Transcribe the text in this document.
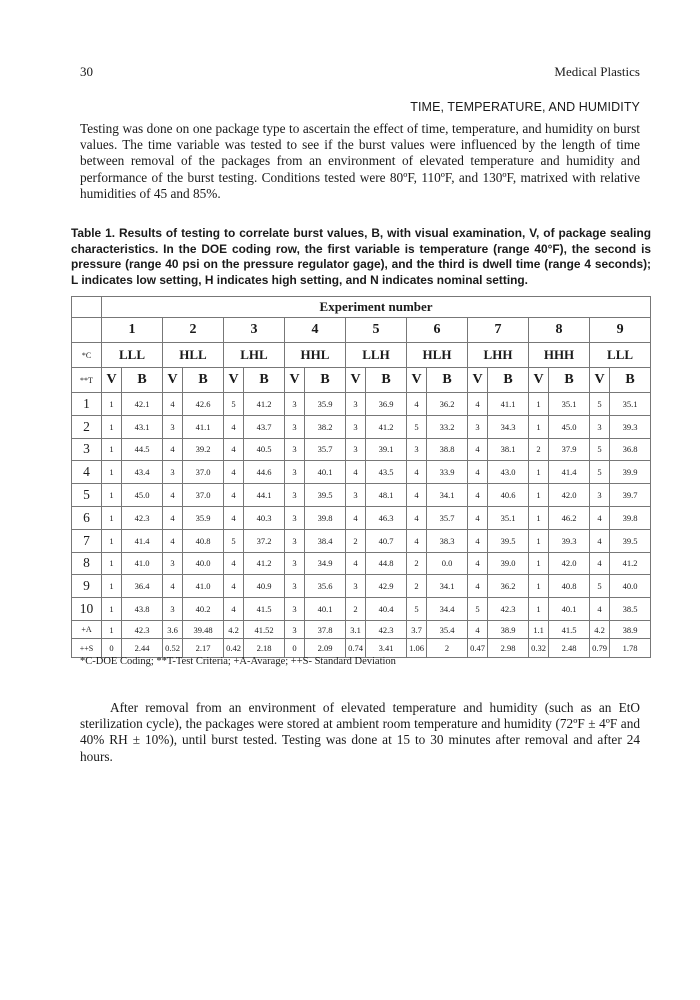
30	Medical Plastics
TIME, TEMPERATURE, AND HUMIDITY

Testing was done on one package type to ascertain the effect of time, temperature, and humidity on burst values. The time variable was tested to see if the burst values were influenced by the length of time between removal of the packages from an environment of elevated temperature and humidity and performance of the burst testing. Conditions tested were 80ºF, 110ºF, and 130ºF, matrixed with relative humidities of 45 and 85%.

Table 1. Results of testing to correlate burst values, B, with visual examination, V, of package sealing characteristics. In the DOE coding row, the first variable is temperature (range 40°F), the second is pressure (range 40 psi on the pressure regulator gage), and the third is dwell time (range 4 seconds); L indicates low setting, H indicates high setting, and N indicates nominal setting.

	Experiment number																	
	1		2		3		4		5		6		7		8		9	
*C	LLL		HLL		LHL		HHL		LLH		HLH		LHH		HHH		LLL	
**T	V	B	V	B	V	B	V	B	V	B	V	B	V	B	V	B	V	B
1	1	42.1	4	42.6	5	41.2	3	35.9	3	36.9	4	36.2	4	41.1	1	35.1	5	35.1
2	1	43.1	3	41.1	4	43.7	3	38.2	3	41.2	5	33.2	3	34.3	1	45.0	3	39.3
3	1	44.5	4	39.2	4	40.5	3	35.7	3	39.1	3	38.8	4	38.1	2	37.9	5	36.8
4	1	43.4	3	37.0	4	44.6	3	40.1	4	43.5	4	33.9	4	43.0	1	41.4	5	39.9
5	1	45.0	4	37.0	4	44.1	3	39.5	3	48.1	4	34.1	4	40.6	1	42.0	3	39.7
6	1	42.3	4	35.9	4	40.3	3	39.8	4	46.3	4	35.7	4	35.1	1	46.2	4	39.8
7	1	41.4	4	40.8	5	37.2	3	38.4	2	40.7	4	38.3	4	39.5	1	39.3	4	39.5
8	1	41.0	3	40.0	4	41.2	3	34.9	4	44.8	2	0.0	4	39.0	1	42.0	4	41.2
9	1	36.4	4	41.0	4	40.9	3	35.6	3	42.9	2	34.1	4	36.2	1	40.8	5	40.0
10	1	43.8	3	40.2	4	41.5	3	40.1	2	40.4	5	34.4	5	42.3	1	40.1	4	38.5
+A	1	42.3	3.6	39.48	4.2	41.52	3	37.8	3.1	42.3	3.7	35.4	4	38.9	1.1	41.5	4.2	38.9
++S	0	2.44	0.52	2.17	0.42	2.18	0	2.09	0.74	3.41	1.06	2	0.47	2.98	0.32	2.48	0.79	1.78
*C-DOE Coding; **T-Test Criteria; +A-Avarage; ++S- Standard Deviation

After removal from an environment of elevated temperature and humidity (such as an EtO sterilization cycle), the packages were stored at ambient room temperature and humidity (72ºF ± 4ºF and 40% RH ± 10%), until burst tested. Testing was done at 15 to 30 minutes after removal and after 24 hours.
